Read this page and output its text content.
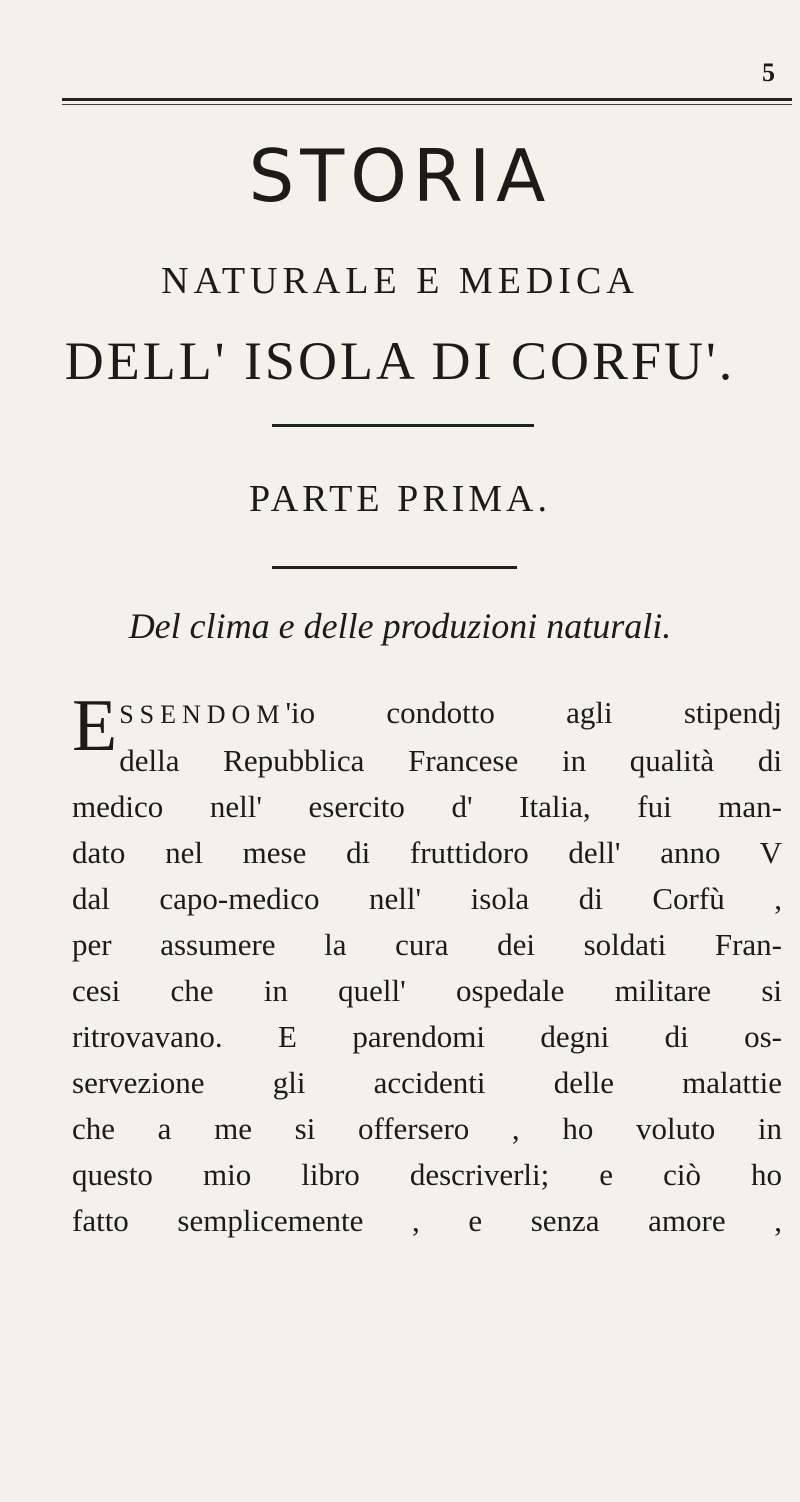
5
STORIA
NATURALE E MEDICA
DELL' ISOLA DI CORFU'.
PARTE PRIMA.
Del clima e delle produzioni naturali.
ESSENDOM'io condotto agli stipendj
della Repubblica Francese in qualità di
medico nell' esercito d' Italia, fui man-
dato nel mese di fruttidoro dell' anno V
dal capo-medico nell' isola di Corfù ,
per assumere la cura dei soldati Fran-
cesi che in quell' ospedale militare si
ritrovavano. E parendomi degni di os-
servezione gli accidenti delle malattie
che a me si offersero , ho voluto in
questo mio libro descriverli; e ciò ho
fatto semplicemente , e senza amore ,
